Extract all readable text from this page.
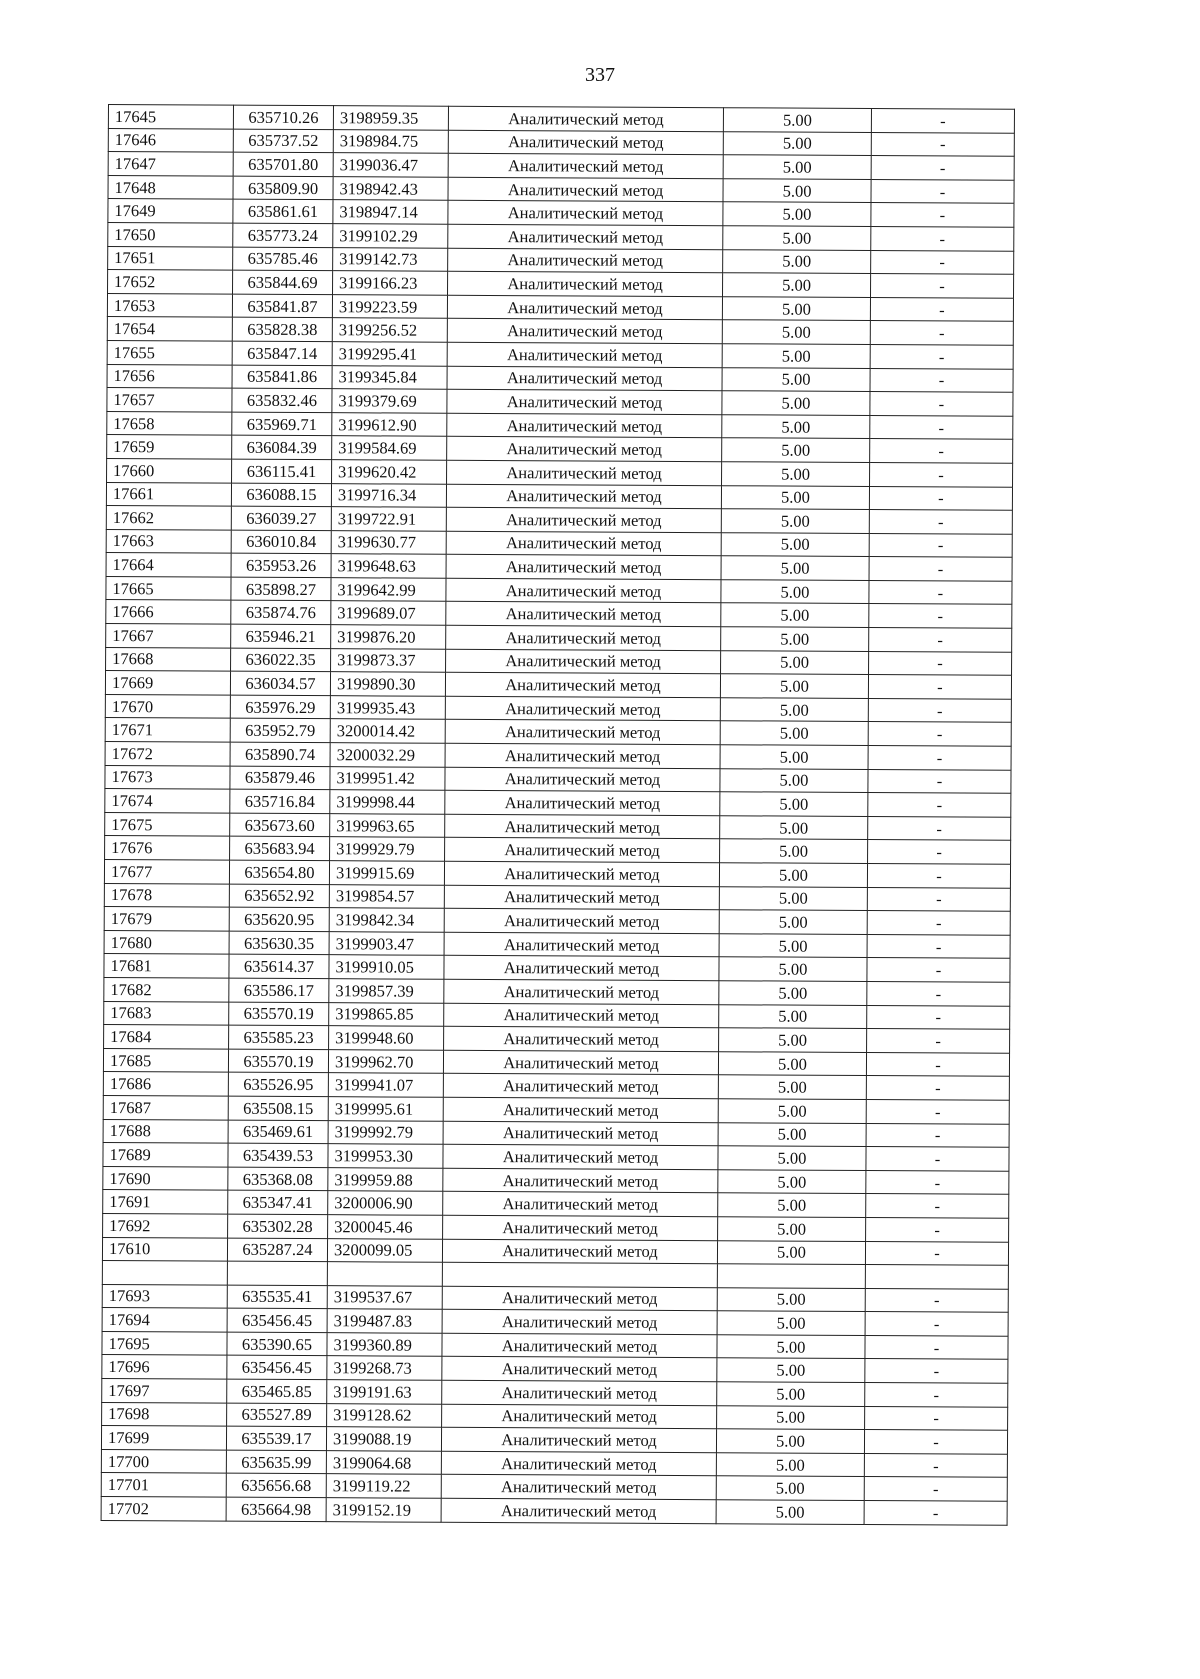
337
17645	635710.26	3198959.35	Аналитический метод	5.00	-
17646	635737.52	3198984.75	Аналитический метод	5.00	-
17647	635701.80	3199036.47	Аналитический метод	5.00	-
17648	635809.90	3198942.43	Аналитический метод	5.00	-
17649	635861.61	3198947.14	Аналитический метод	5.00	-
17650	635773.24	3199102.29	Аналитический метод	5.00	-
17651	635785.46	3199142.73	Аналитический метод	5.00	-
17652	635844.69	3199166.23	Аналитический метод	5.00	-
17653	635841.87	3199223.59	Аналитический метод	5.00	-
17654	635828.38	3199256.52	Аналитический метод	5.00	-
17655	635847.14	3199295.41	Аналитический метод	5.00	-
17656	635841.86	3199345.84	Аналитический метод	5.00	-
17657	635832.46	3199379.69	Аналитический метод	5.00	-
17658	635969.71	3199612.90	Аналитический метод	5.00	-
17659	636084.39	3199584.69	Аналитический метод	5.00	-
17660	636115.41	3199620.42	Аналитический метод	5.00	-
17661	636088.15	3199716.34	Аналитический метод	5.00	-
17662	636039.27	3199722.91	Аналитический метод	5.00	-
17663	636010.84	3199630.77	Аналитический метод	5.00	-
17664	635953.26	3199648.63	Аналитический метод	5.00	-
17665	635898.27	3199642.99	Аналитический метод	5.00	-
17666	635874.76	3199689.07	Аналитический метод	5.00	-
17667	635946.21	3199876.20	Аналитический метод	5.00	-
17668	636022.35	3199873.37	Аналитический метод	5.00	-
17669	636034.57	3199890.30	Аналитический метод	5.00	-
17670	635976.29	3199935.43	Аналитический метод	5.00	-
17671	635952.79	3200014.42	Аналитический метод	5.00	-
17672	635890.74	3200032.29	Аналитический метод	5.00	-
17673	635879.46	3199951.42	Аналитический метод	5.00	-
17674	635716.84	3199998.44	Аналитический метод	5.00	-
17675	635673.60	3199963.65	Аналитический метод	5.00	-
17676	635683.94	3199929.79	Аналитический метод	5.00	-
17677	635654.80	3199915.69	Аналитический метод	5.00	-
17678	635652.92	3199854.57	Аналитический метод	5.00	-
17679	635620.95	3199842.34	Аналитический метод	5.00	-
17680	635630.35	3199903.47	Аналитический метод	5.00	-
17681	635614.37	3199910.05	Аналитический метод	5.00	-
17682	635586.17	3199857.39	Аналитический метод	5.00	-
17683	635570.19	3199865.85	Аналитический метод	5.00	-
17684	635585.23	3199948.60	Аналитический метод	5.00	-
17685	635570.19	3199962.70	Аналитический метод	5.00	-
17686	635526.95	3199941.07	Аналитический метод	5.00	-
17687	635508.15	3199995.61	Аналитический метод	5.00	-
17688	635469.61	3199992.79	Аналитический метод	5.00	-
17689	635439.53	3199953.30	Аналитический метод	5.00	-
17690	635368.08	3199959.88	Аналитический метод	5.00	-
17691	635347.41	3200006.90	Аналитический метод	5.00	-
17692	635302.28	3200045.46	Аналитический метод	5.00	-
17610	635287.24	3200099.05	Аналитический метод	5.00	-

17693	635535.41	3199537.67	Аналитический метод	5.00	-
17694	635456.45	3199487.83	Аналитический метод	5.00	-
17695	635390.65	3199360.89	Аналитический метод	5.00	-
17696	635456.45	3199268.73	Аналитический метод	5.00	-
17697	635465.85	3199191.63	Аналитический метод	5.00	-
17698	635527.89	3199128.62	Аналитический метод	5.00	-
17699	635539.17	3199088.19	Аналитический метод	5.00	-
17700	635635.99	3199064.68	Аналитический метод	5.00	-
17701	635656.68	3199119.22	Аналитический метод	5.00	-
17702	635664.98	3199152.19	Аналитический метод	5.00	-
